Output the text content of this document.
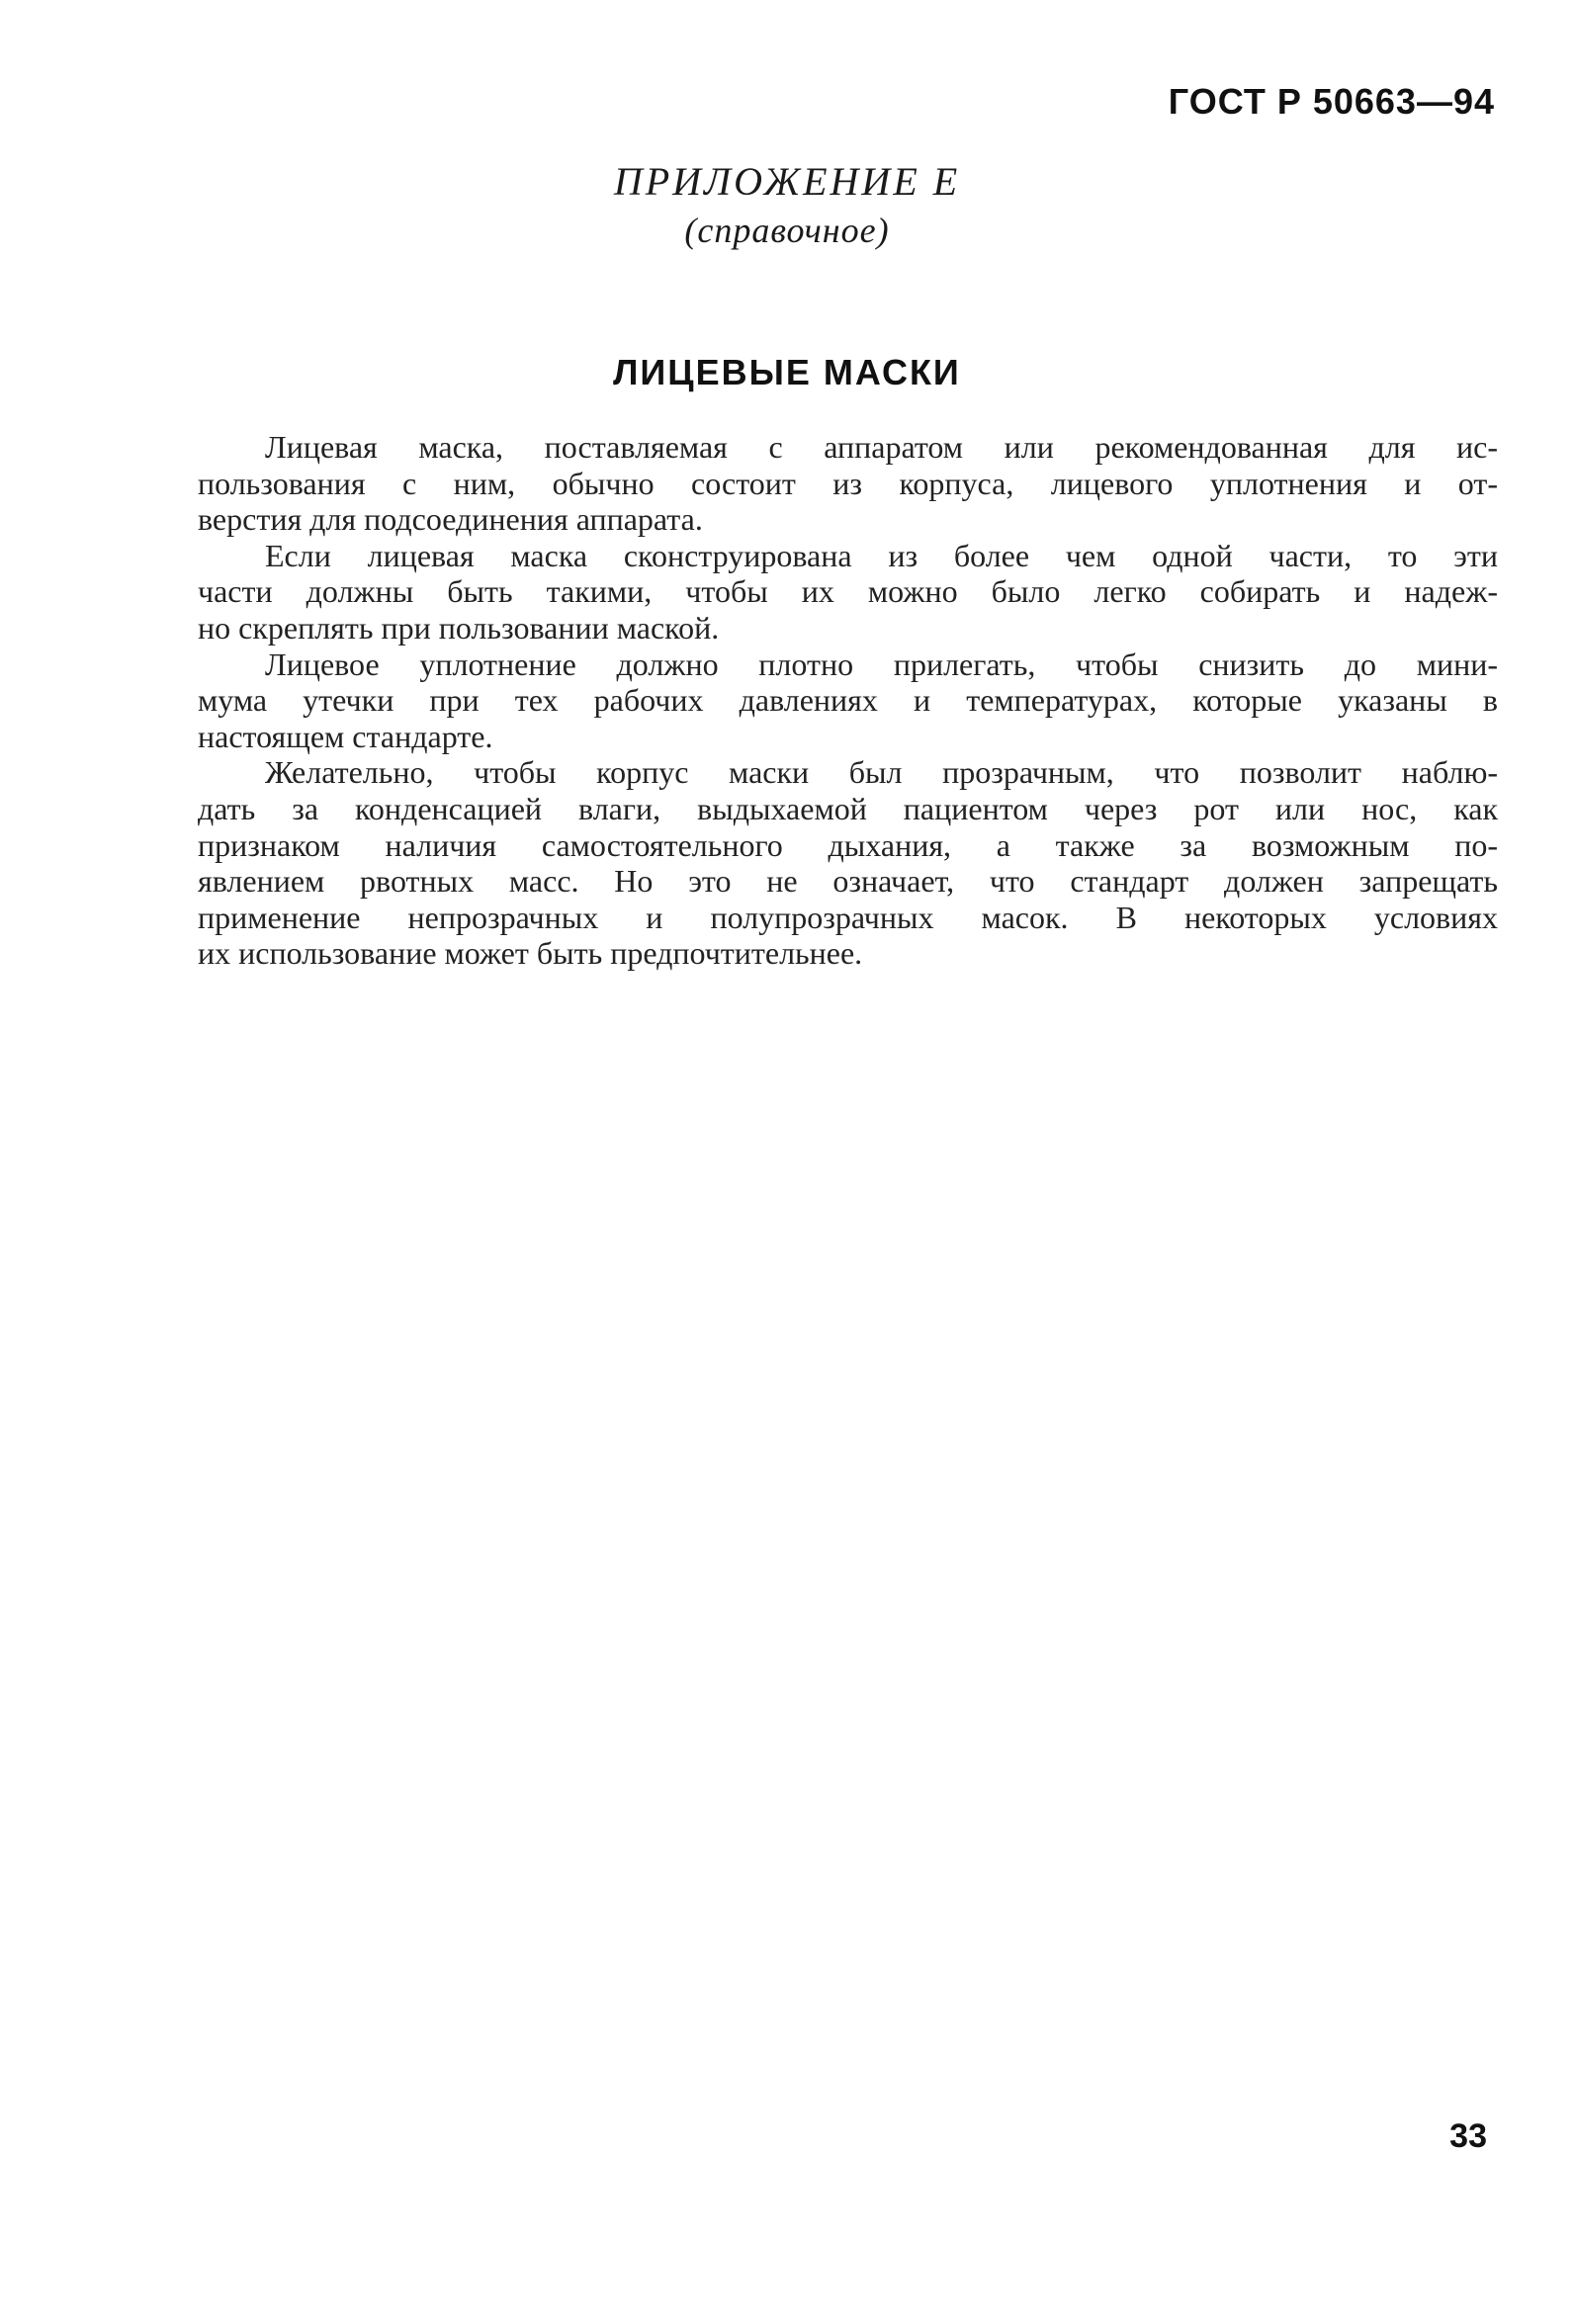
ГОСТ Р 50663—94
ПРИЛОЖЕНИЕ Е
(справочное)
ЛИЦЕВЫЕ МАСКИ

Лицевая маска, поставляемая с аппаратом или рекомендованная для ис-
пользования с ним, обычно состоит из корпуса, лицевого уплотнения и от-
верстия для подсоединения аппарата.

Если лицевая маска сконструирована из более чем одной части, то эти
части должны быть такими, чтобы их можно было легко собирать и надеж-
но скреплять при пользовании маской.

Лицевое уплотнение должно плотно прилегать, чтобы снизить до мини-
мума утечки при тех рабочих давлениях и температурах, которые указаны в
настоящем стандарте.

Желательно, чтобы корпус маски был прозрачным, что позволит наблю-
дать за конденсацией влаги, выдыхаемой пациентом через рот или нос, как
признаком наличия самостоятельного дыхания, а также за возможным по-
явлением рвотных масс. Но это не означает, что стандарт должен запрещать
применение непрозрачных и полупрозрачных масок. В некоторых условиях
их использование может быть предпочтительнее.

33
